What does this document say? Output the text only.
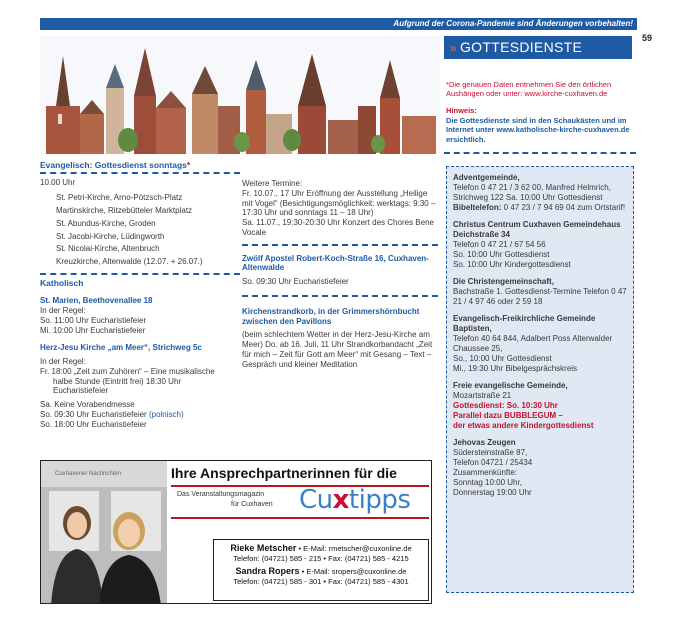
Aufgrund der Corona-Pandemie sind Änderungen vorbehalten!
59
» GOTTESDIENSTE
*Die genauen Daten entnehmen Sie den örtlichen Aushängen oder unter: www.kirche-cuxhaven.de
Hinweis:
Die Gottesdienste sind in den Schaukästen und im Internet unter www.katholische-kirche-cuxhaven.de ersichtlich.
Evangelisch: Gottesdienst sonntags*

10.00 Uhr

St. Petri-Kirche, Arno-Pötzsch-Platz

Martinskirche, Ritzebütteler Marktplatz

St. Abundus-Kirche, Groden

St. Jacobi-Kirche, Lüdingworth

St. Nicolai-Kirche, Altenbruch

Kreuzkirche, Altenwalde (12.07. + 26.07.)

Katholisch

St. Marien, Beethovenallee 18

In der Regel:

So. 11:00 Uhr Eucharistiefeier

Mi. 10:00 Uhr Eucharistiefeier

Herz-Jesu Kirche „am Meer“, Strichweg 5c

In der Regel:

Fr. 18:00 „Zeit zum Zuhören“ – Eine musikalische halbe Stunde (Eintritt frei) 18:30 Uhr Eucharistiefeier

Sa. Keine Vorabendmesse

So. 09:30 Uhr Eucharistiefeier (polnisch)

So. 18:00 Uhr Eucharistiefeier

Weitere Termine:

Fr. 10.07., 17 Uhr Eröffnung der Ausstellung „Heilige mit Vogel“ (Besichtigungsmöglichkeit: werktags: 9:30 – 17:30 Uhr und sonntags 11 – 18 Uhr)

Sa. 11.07., 19:30-20:30 Uhr Konzert des Chores Bene Vocale

Zwölf Apostel Robert-Koch-Straße 16, Cuxhaven-Altenwalde

So. 09:30 Uhr Eucharistiefeier

Kirchenstrandkorb, in der Grimmershörnbucht zwischen den Pavillons

(beim schlechtem Wetter in der Herz-Jesu-Kirche am Meer) Do. ab 16. Juli, 11 Uhr Strandkorbandacht „Zeit für mich – Zeit für Gott am Meer“ mit Gesang – Text – Gespräch und kleiner Meditation

Adventgemeinde,

Telefon 0 47 21 / 3 62 00, Manfred Helmrich, Strichweg 122 Sa. 10:00 Uhr Gottesdienst

Bibeltelefon: 0 47 23 / 7 94 69 04 zum Ortstarif!

Christus Centrum Cuxhaven Gemeindehaus Deichstraße 34

Telefon 0 47 21 / 67 54 56
So. 10:00 Uhr Gottesdienst
So. 10:00 Uhr Kindergottesdienst

Die Christengemeinschaft,

Bachstraße 1. Gottesdienst-Termine Telefon 0 47 21 / 4 97 46 oder 2 59 18

Evangelisch-Freikirchliche Gemeinde Baptisten,

Telefon 40 64 844, Adalbert Poss Alterwalder Chaussee 25,
So., 10:00 Uhr Gottesdienst
Mi., 19:30 Uhr Bibelgesprächskreis

Freie evangelische Gemeinde,

Mozartstraße 21

Gottesdienst: So. 10:30 Uhr

Parallel dazu BUBBLEGUM –

der etwas andere Kindergottesdienst

Jehovas Zeugen

Südersteinstraße 87,
Telefon 04721 / 25434
Zusammenkünfte:
Sonntag 10:00 Uhr,
Donnerstag 19:00 Uhr

Cuxhavener Nachrichten	Ihre Ansprechpartnerinnen für die
Das Veranstaltungsmagazin
für Cuxhaven Cuxtipps

Rieke Metscher • E-Mail: rmetscher@cuxonline.de

Telefon: (04721) 585 - 215 • Fax: (04721) 585 - 4215

Sandra Ropers • E-Mail: sropers@cuxonline.de

Telefon: (04721) 585 - 301 • Fax: (04721) 585 - 4301
